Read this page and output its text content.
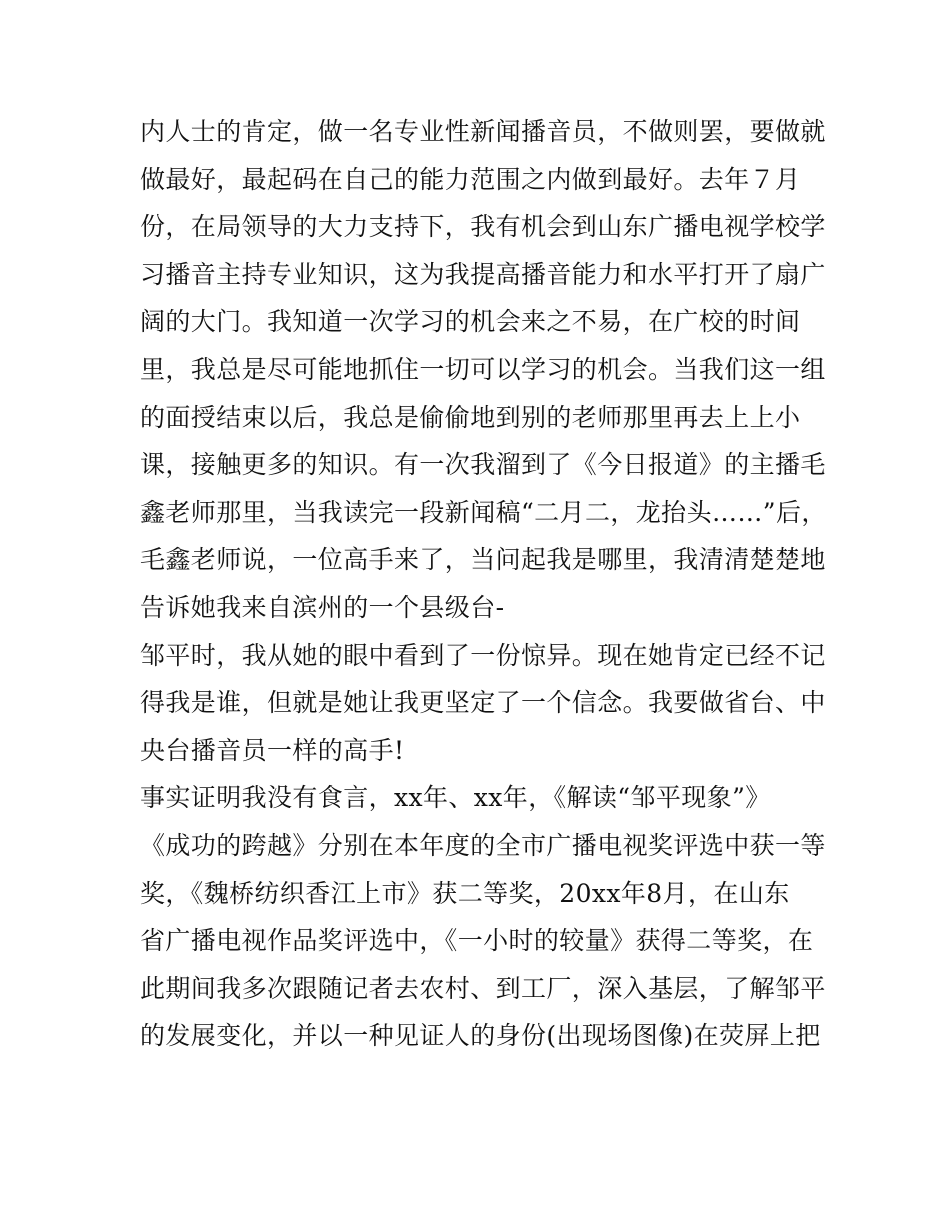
内人士的肯定，做一名专业性新闻播音员，不做则罢，要做就
做最好，最起码在自己的能力范围之内做到最好。去年７月
份，在局领导的大力支持下，我有机会到山东广播电视学校学
习播音主持专业知识，这为我提高播音能力和水平打开了扇广
阔的大门。我知道一次学习的机会来之不易，在广校的时间
里，我总是尽可能地抓住一切可以学习的机会。当我们这一组
的面授结束以后，我总是偷偷地到别的老师那里再去上上小
课，接触更多的知识。有一次我溜到了《今日报道》的主播毛
鑫老师那里，当我读完一段新闻稿“二月二，龙抬头……”后，
毛鑫老师说，一位高手来了，当问起我是哪里，我清清楚楚地
告诉她我来自滨州的一个县级台-
邹平时，我从她的眼中看到了一份惊异。现在她肯定已经不记
得我是谁，但就是她让我更坚定了一个信念。我要做省台、中
央台播音员一样的高手!
事实证明我没有食言，xx年、xx年，《解读“邹平现象”》
《成功的跨越》分别在本年度的全市广播电视奖评选中获一等
奖，《魏桥纺织香江上市》获二等奖，20xx年8月，在山东
省广播电视作品奖评选中，《一小时的较量》获得二等奖，在
此期间我多次跟随记者去农村、到工厂，深入基层，了解邹平
的发展变化，并以一种见证人的身份(出现场图像)在荧屏上把
